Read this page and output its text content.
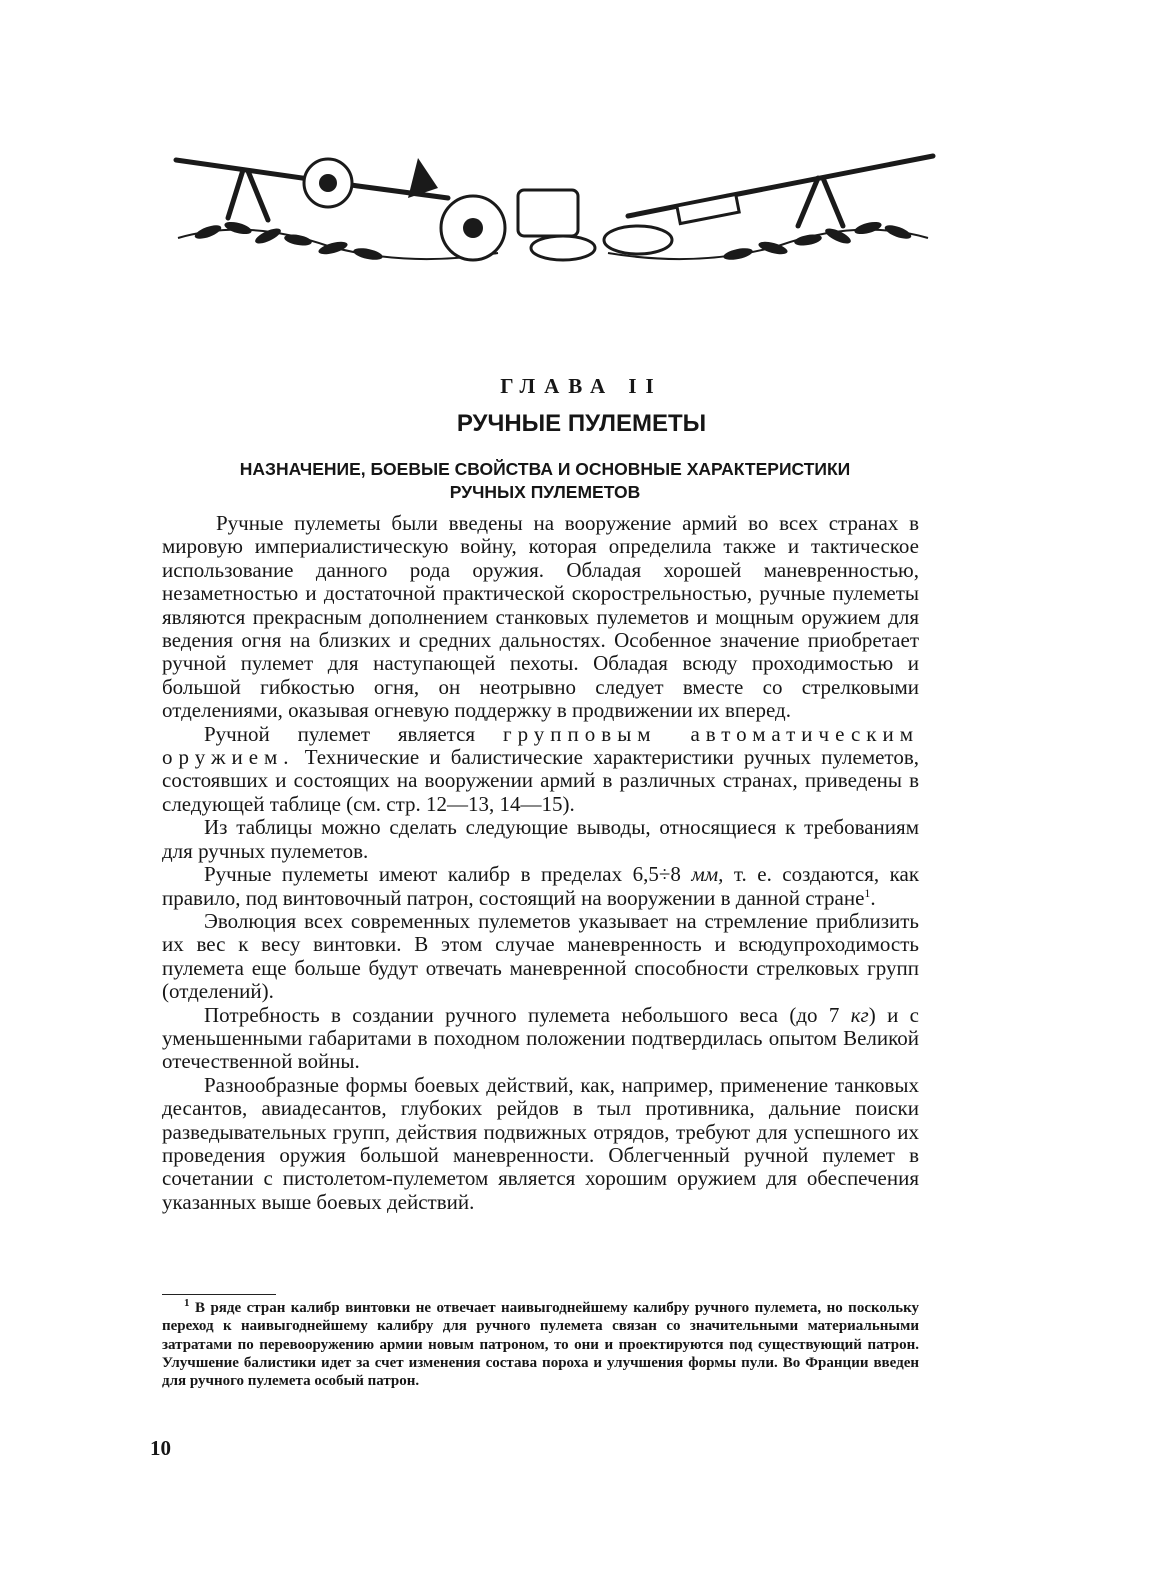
ГЛАВА II
РУЧНЫЕ ПУЛЕМЕТЫ
НАЗНАЧЕНИЕ, БОЕВЫЕ СВОЙСТВА И ОСНОВНЫЕ ХАРАКТЕРИСТИКИ
РУЧНЫХ ПУЛЕМЕТОВ

Ручные пулеметы были введены на вооружение армий во всех странах в мировую империалистическую войну, которая определила также и тактическое использование данного рода оружия. Обладая хорошей маневренностью, незаметностью и достаточной практической скорострельностью, ручные пулеметы являются прекрасным дополнением станковых пулеметов и мощным оружием для ведения огня на близких и средних дальностях. Особенное значение приобретает ручной пулемет для наступающей пехоты. Обладая всюду проходимостью и большой гибкостью огня, он неотрывно следует вместе со стрелковыми отделениями, оказывая огневую поддержку в продвижении их вперед.

Ручной пулемет является групповым автоматическим оружием. Технические и балистические характеристики ручных пулеметов, состоявших и состоящих на вооружении армий в различных странах, приведены в следующей таблице (см. стр. 12—13, 14—15).

Из таблицы можно сделать следующие выводы, относящиеся к требованиям для ручных пулеметов.

Ручные пулеметы имеют калибр в пределах 6,5÷8 мм, т. е. создаются, как правило, под винтовочный патрон, состоящий на вооружении в данной стране$^1$.

Эволюция всех современных пулеметов указывает на стремление приблизить их вес к весу винтовки. В этом случае маневренность и всюдупроходимость пулемета еще больше будут отвечать маневренной способности стрелковых групп (отделений).

Потребность в создании ручного пулемета небольшого веса (до 7 кг) и с уменьшенными габаритами в походном положении подтвердилась опытом Великой отечественной войны.

Разнообразные формы боевых действий, как, например, применение танковых десантов, авиадесантов, глубоких рейдов в тыл противника, дальние поиски разведывательных групп, действия подвижных отрядов, требуют для успешного их проведения оружия большой маневренности. Облегченный ручной пулемет в сочетании с пистолетом-пулеметом является хорошим оружием для обеспечения указанных выше боевых действий.

$^1$ В ряде стран калибр винтовки не отвечает наивыгоднейшему калибру ручного пулемета, но поскольку переход к наивыгоднейшему калибру для ручного пулемета связан со значительными материальными затратами по перевооружению армии новым патроном, то они и проектируются под существующий патрон. Улучшение балистики идет за счет изменения состава пороха и улучшения формы пули. Во Франции введен для ручного пулемета особый патрон.

10
